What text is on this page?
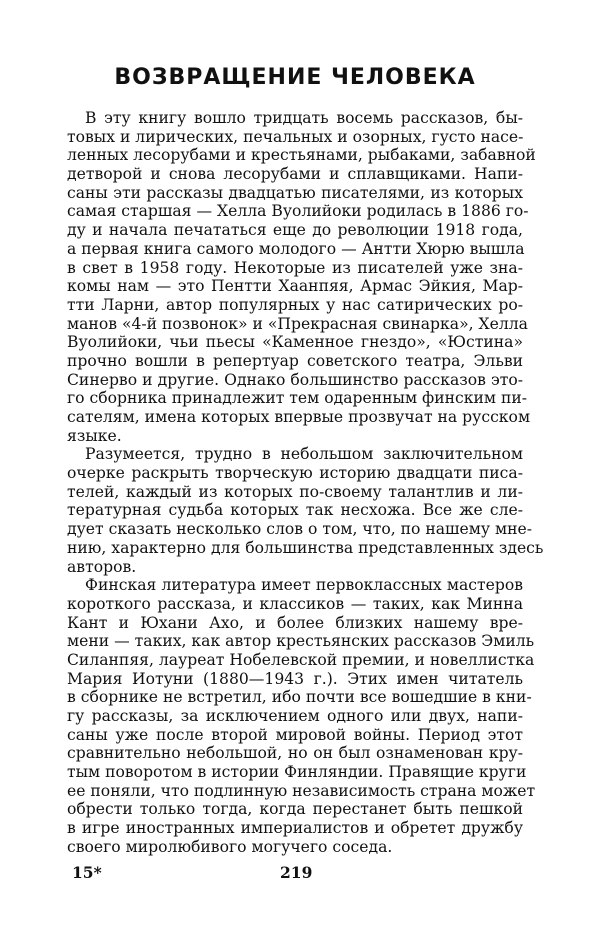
ВОЗВРАЩЕНИЕ ЧЕЛОВЕКА
В эту книгу вошло тридцать восемь рассказов, бы-
товых и лирических, печальных и озорных, густо насе-
ленных лесорубами и крестьянами, рыбаками, забавной
детворой и снова лесорубами и сплавщиками. Напи-
саны эти рассказы двадцатью писателями, из которых
самая старшая — Хелла Вуолийоки родилась в 1886 го-
ду и начала печататься еще до революции 1918 года,
а первая книга самого молодого — Антти Хюрю вышла
в свет в 1958 году. Некоторые из писателей уже зна-
комы нам — это Пентти Хаанпяя, Армас Эйкия, Мар-
тти Ларни, автор популярных у нас сатирических ро-
манов «4-й позвонок» и «Прекрасная свинарка», Хелла
Вуолийоки, чьи пьесы «Каменное гнездо», «Юстина»
прочно вошли в репертуар советского театра, Эльви
Синерво и другие. Однако большинство рассказов это-
го сборника принадлежит тем одаренным финским пи-
сателям, имена которых впервые прозвучат на русском
языке.
Разумеется, трудно в небольшом заключительном
очерке раскрыть творческую историю двадцати писа-
телей, каждый из которых по-своему талантлив и ли-
тературная судьба которых так несхожа. Все же сле-
дует сказать несколько слов о том, что, по нашему мне-
нию, характерно для большинства представленных здесь
авторов.
Финская литература имеет первоклассных мастеров
короткого рассказа, и классиков — таких, как Минна
Кант и Юхани Ахо, и более близких нашему вре-
мени — таких, как автор крестьянских рассказов Эмиль
Силанпяя, лауреат Нобелевской премии, и новеллистка
Мария Иотуни (1880—1943 г.). Этих имен читатель
в сборнике не встретил, ибо почти все вошедшие в кни-
гу рассказы, за исключением одного или двух, напи-
саны уже после второй мировой войны. Период этот
сравнительно небольшой, но он был ознаменован кру-
тым поворотом в истории Финляндии. Правящие круги
ее поняли, что подлинную независимость страна может
обрести только тогда, когда перестанет быть пешкой
в игре иностранных империалистов и обретет дружбу
своего миролюбивого могучего соседа.
15*	219
